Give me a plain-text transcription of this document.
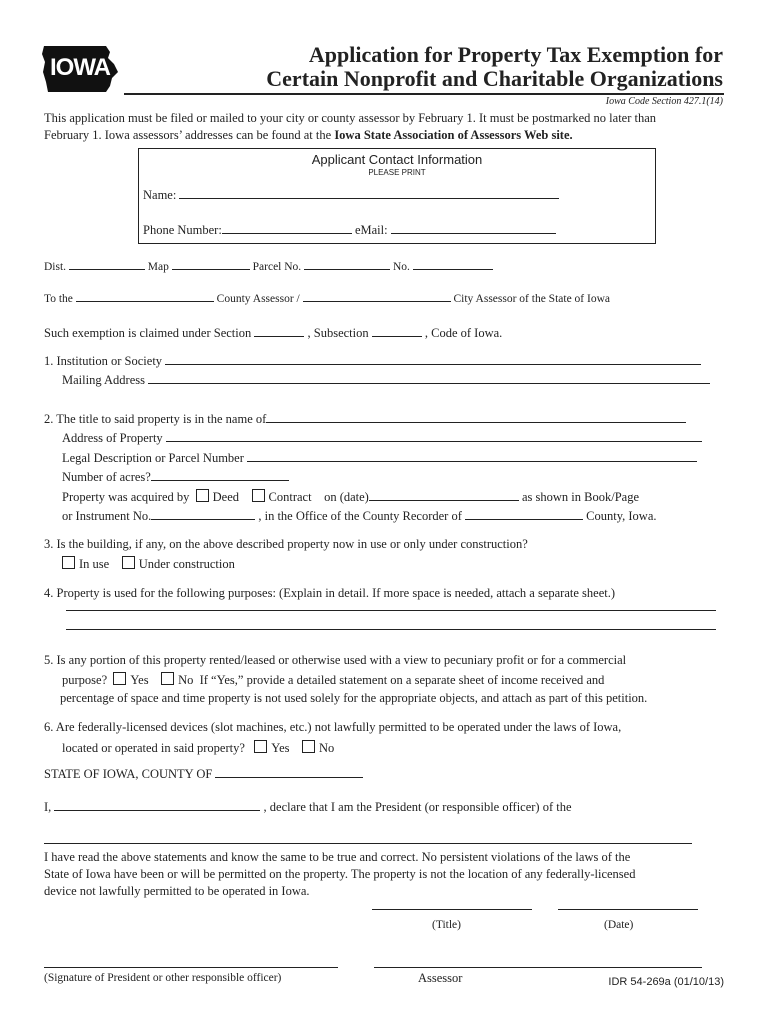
IOWA	Application for Property Tax Exemption for
Certain Nonprofit and Charitable Organizations
Iowa Code Section 427.1(14)
This application must be filed or mailed to your city or county assessor by February 1. It must be postmarked no later than
February 1. Iowa assessors’ addresses can be found at the Iowa State Association of Assessors Web site.
Applicant Contact Information
PLEASE PRINT
Name:
Phone Number:	eMail:
Dist.	Map	Parcel No.	No.
To the	County Assessor /	City Assessor of the State of Iowa
Such exemption is claimed under Section	, Subsection	, Code of Iowa.
1. Institution or Society
Mailing Address
2. The title to said property is in the name of
Address of Property
Legal Description or Parcel Number
Number of acres?
Property was acquired by Deed Contract on (date)	as shown in Book/Page
or Instrument No.	, in the Office of the County Recorder of	County, Iowa.
3. Is the building, if any, on the above described property now in use or only under construction?
In use Under construction
4. Property is used for the following purposes: (Explain in detail. If more space is needed, attach a separate sheet.)
5. Is any portion of this property rented/leased or otherwise used with a view to pecuniary profit or for a commercial
purpose? Yes No If “Yes,” provide a detailed statement on a separate sheet of income received and
percentage of space and time property is not used solely for the appropriate objects, and attach as part of this petition.
6. Are federally-licensed devices (slot machines, etc.) not lawfully permitted to be operated under the laws of Iowa,
located or operated in said property? Yes No
STATE OF IOWA, COUNTY OF
I,	, declare that I am the President (or responsible officer) of the
I have read the above statements and know the same to be true and correct. No persistent violations of the laws of the
State of Iowa have been or will be permitted on the property. The property is not the location of any federally-licensed
device not lawfully permitted to be operated in Iowa.
(Title)	(Date)
(Signature of President or other responsible officer)	Assessor	IDR 54-269a (01/10/13)
